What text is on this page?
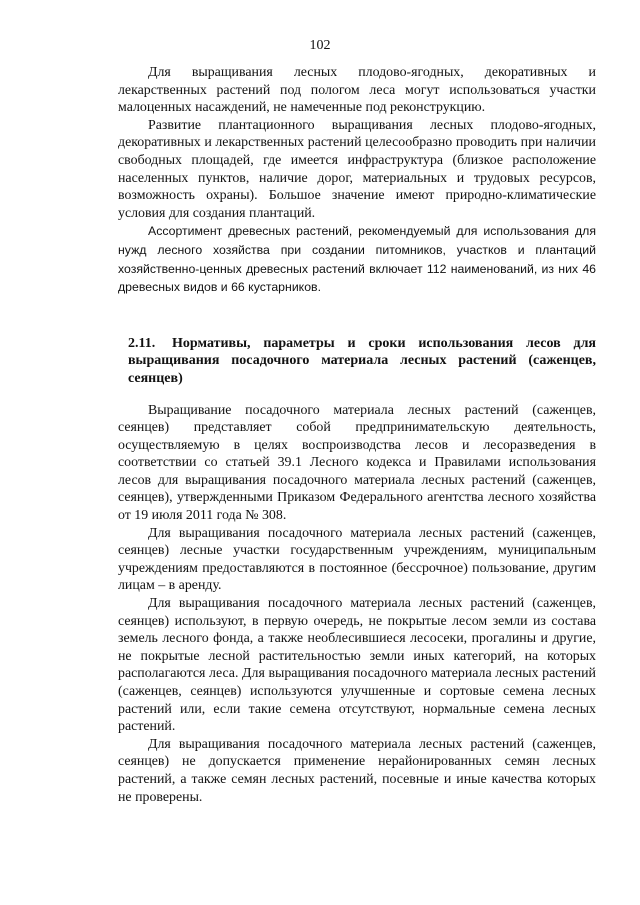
102

Для выращивания лесных плодово-ягодных, декоративных и лекарственных растений под пологом леса могут использоваться участки малоценных насаждений, не намеченные под реконструкцию.

Развитие плантационного выращивания лесных плодово-ягодных, декоративных и лекарственных растений целесообразно проводить при наличии свободных площадей, где имеется инфраструктура (близкое расположение населенных пунктов, наличие дорог, материальных и трудовых ресурсов, возможность охраны). Большое значение имеют природно-климатические условия для создания плантаций.

Ассортимент древесных растений, рекомендуемый для использования для нужд лесного хозяйства при создании питомников, участков и плантаций хозяйственно-ценных древесных растений включает 112 наименований, из них 46 древесных видов и 66 кустарников.

2.11. Нормативы, параметры и сроки использования лесов для выращивания посадочного материала лесных растений (саженцев, сеянцев)

Выращивание посадочного материала лесных растений (саженцев, сеянцев) представляет собой предпринимательскую деятельность, осуществляемую в целях воспроизводства лесов и лесоразведения в соответствии со статьей 39.1 Лесного кодекса и Правилами использования лесов для выращивания посадочного материала лесных растений (саженцев, сеянцев), утвержденными Приказом Федерального агентства лесного хозяйства от 19 июля 2011 года № 308.

Для выращивания посадочного материала лесных растений (саженцев, сеянцев) лесные участки государственным учреждениям, муниципальным учреждениям предоставляются в постоянное (бессрочное) пользование, другим лицам – в аренду.

Для выращивания посадочного материала лесных растений (саженцев, сеянцев) используют, в первую очередь, не покрытые лесом земли из состава земель лесного фонда, а также необлесившиеся лесосеки, прогалины и другие, не покрытые лесной растительностью земли иных категорий, на которых располагаются леса. Для выращивания посадочного материала лесных растений (саженцев, сеянцев) используются улучшенные и сортовые семена лесных растений или, если такие семена отсутствуют, нормальные семена лесных растений.

Для выращивания посадочного материала лесных растений (саженцев, сеянцев) не допускается применение нерайонированных семян лесных растений, а также семян лесных растений, посевные и иные качества которых не проверены.
